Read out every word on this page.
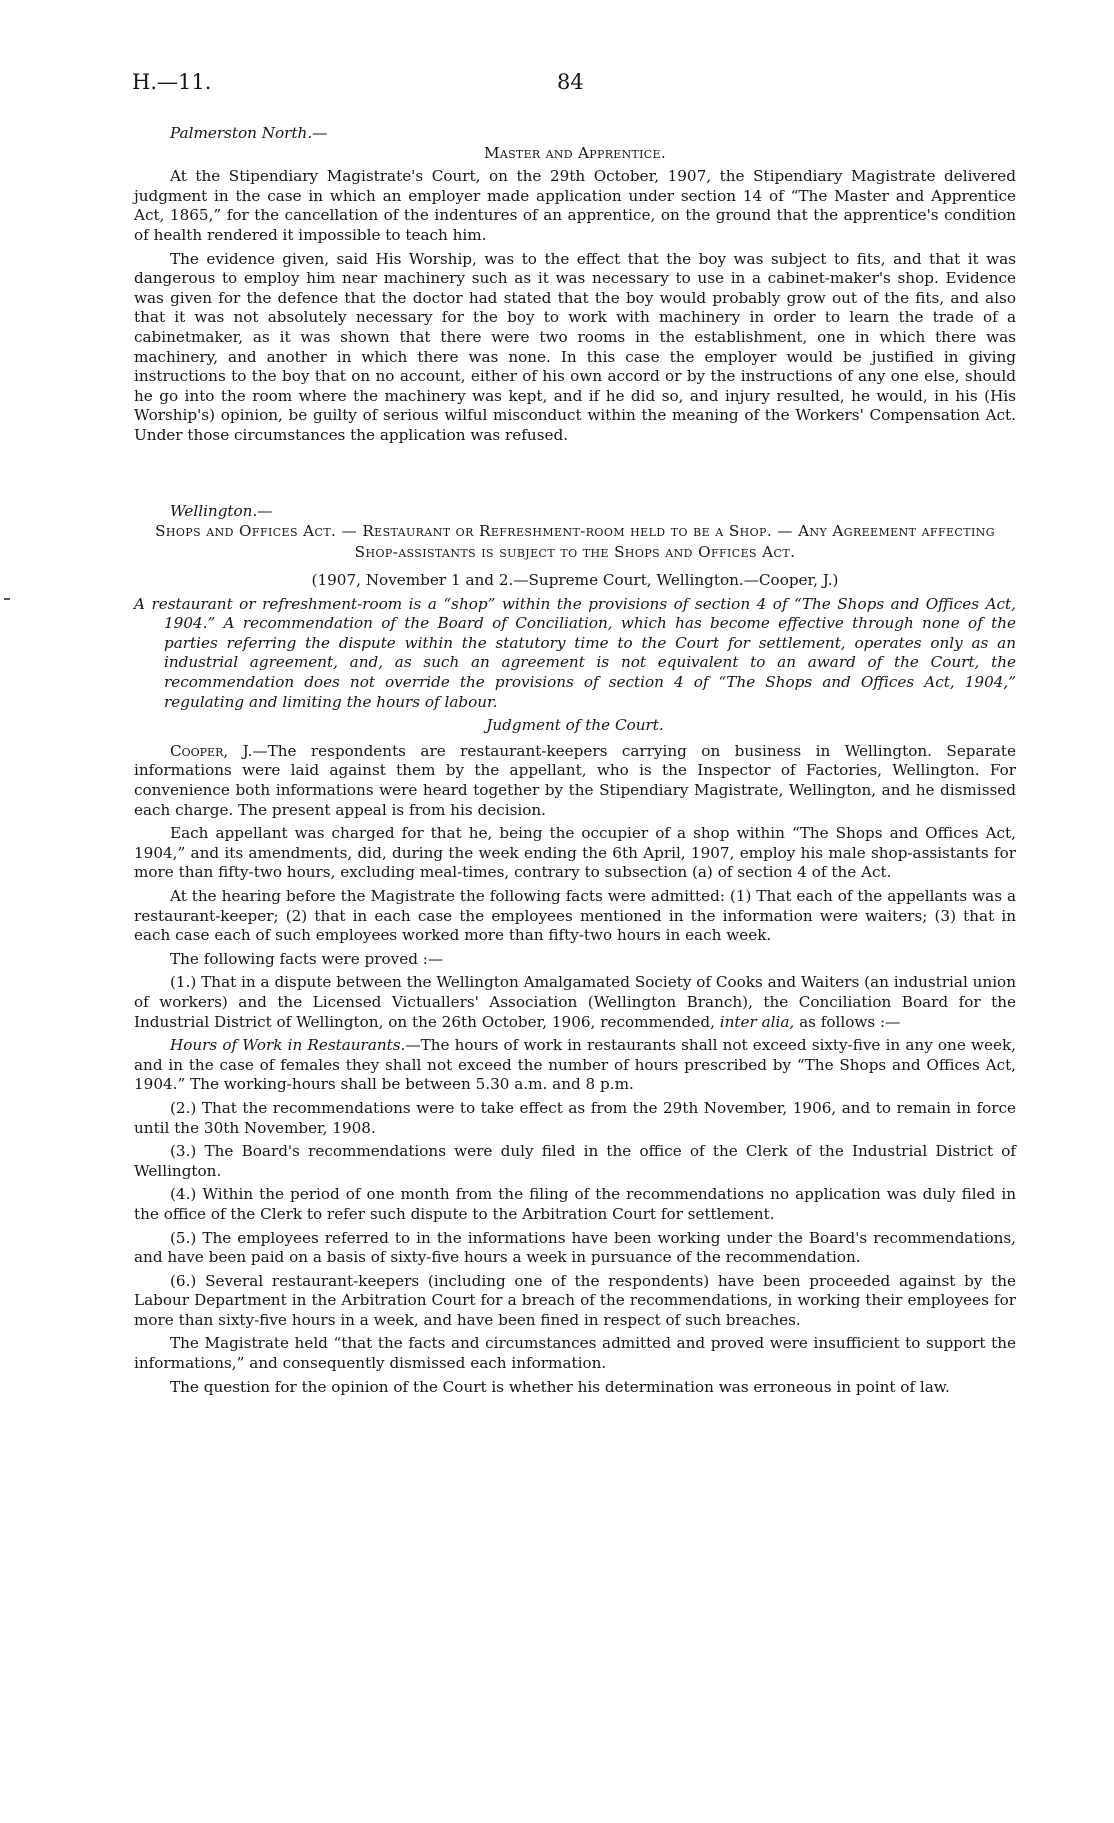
H.—11.	84
Palmerston North.—
Master and Apprentice.

At the Stipendiary Magistrate's Court, on the 29th October, 1907, the Stipendiary Magistrate delivered judgment in the case in which an employer made application under section 14 of “The Master and Apprentice Act, 1865,” for the cancellation of the indentures of an apprentice, on the ground that the apprentice's condition of health rendered it impossible to teach him.

The evidence given, said His Worship, was to the effect that the boy was subject to fits, and that it was dangerous to employ him near machinery such as it was necessary to use in a cabinet-maker's shop. Evidence was given for the defence that the doctor had stated that the boy would probably grow out of the fits, and also that it was not absolutely necessary for the boy to work with machinery in order to learn the trade of a cabinetmaker, as it was shown that there were two rooms in the establishment, one in which there was machinery, and another in which there was none. In this case the employer would be justified in giving instructions to the boy that on no account, either of his own accord or by the instructions of any one else, should he go into the room where the machinery was kept, and if he did so, and injury resulted, he would, in his (His Worship's) opinion, be guilty of serious wilful misconduct within the meaning of the Workers' Compensation Act. Under those circumstances the application was refused.

Wellington.—
Shops and Offices Act. — Restaurant or Refreshment-room held to be a Shop. — Any Agreement affecting Shop-assistants is subject to the Shops and Offices Act.
(1907, November 1 and 2.—Supreme Court, Wellington.—Cooper, J.)
A restaurant or refreshment-room is a “shop” within the provisions of section 4 of “The Shops and Offices Act, 1904.” A recommendation of the Board of Conciliation, which has become effective through none of the parties referring the dispute within the statutory time to the Court for settlement, operates only as an industrial agreement, and, as such an agreement is not equivalent to an award of the Court, the recommendation does not override the provisions of section 4 of “The Shops and Offices Act, 1904,” regulating and limiting the hours of labour.
Judgment of the Court.

Cooper, J.—The respondents are restaurant-keepers carrying on business in Wellington. Separate informations were laid against them by the appellant, who is the Inspector of Factories, Wellington. For convenience both informations were heard together by the Stipendiary Magistrate, Wellington, and he dismissed each charge. The present appeal is from his decision.

Each appellant was charged for that he, being the occupier of a shop within “The Shops and Offices Act, 1904,” and its amendments, did, during the week ending the 6th April, 1907, employ his male shop-assistants for more than fifty-two hours, excluding meal-times, contrary to subsection (a) of section 4 of the Act.

At the hearing before the Magistrate the following facts were admitted: (1) That each of the appellants was a restaurant-keeper; (2) that in each case the employees mentioned in the information were waiters; (3) that in each case each of such employees worked more than fifty-two hours in each week.

The following facts were proved :—

(1.) That in a dispute between the Wellington Amalgamated Society of Cooks and Waiters (an industrial union of workers) and the Licensed Victuallers' Association (Wellington Branch), the Conciliation Board for the Industrial District of Wellington, on the 26th October, 1906, recommended, inter alia, as follows :—

Hours of Work in Restaurants.—The hours of work in restaurants shall not exceed sixty-five in any one week, and in the case of females they shall not exceed the number of hours prescribed by “The Shops and Offices Act, 1904.” The working-hours shall be between 5.30 a.m. and 8 p.m.

(2.) That the recommendations were to take effect as from the 29th November, 1906, and to remain in force until the 30th November, 1908.

(3.) The Board's recommendations were duly filed in the office of the Clerk of the Industrial District of Wellington.

(4.) Within the period of one month from the filing of the recommendations no application was duly filed in the office of the Clerk to refer such dispute to the Arbitration Court for settlement.

(5.) The employees referred to in the informations have been working under the Board's recommendations, and have been paid on a basis of sixty-five hours a week in pursuance of the recommendation.

(6.) Several restaurant-keepers (including one of the respondents) have been proceeded against by the Labour Department in the Arbitration Court for a breach of the recommendations, in working their employees for more than sixty-five hours in a week, and have been fined in respect of such breaches.

The Magistrate held “that the facts and circumstances admitted and proved were insufficient to support the informations,” and consequently dismissed each information.

The question for the opinion of the Court is whether his determination was erroneous in point of law.
